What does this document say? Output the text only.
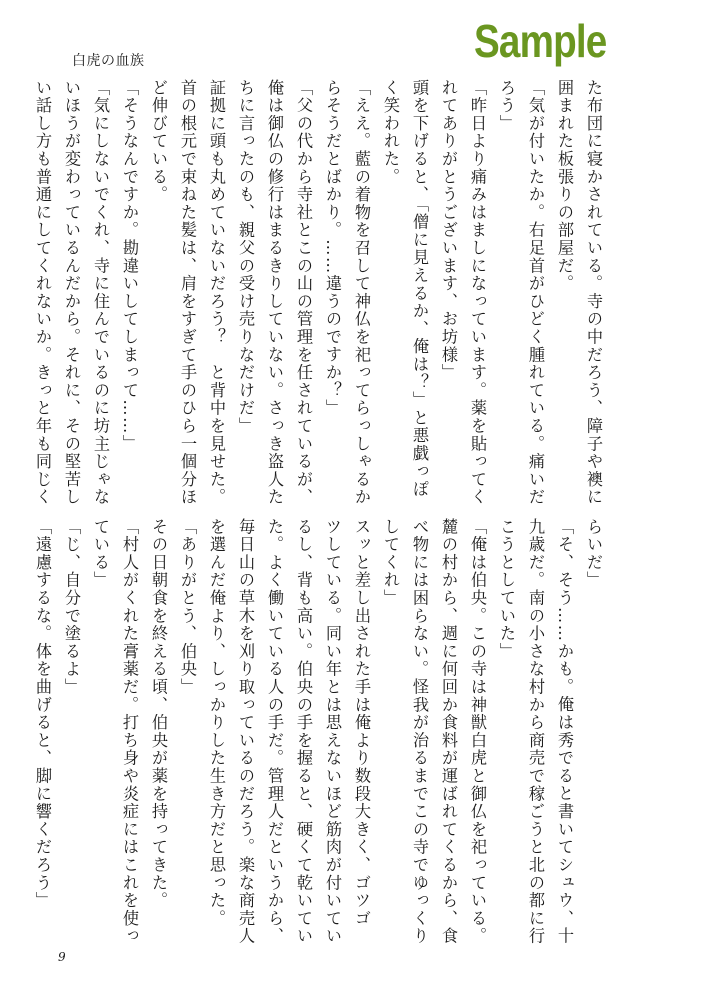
白虎の血族	Sample
た布団に寝かされている。寺の中だろう、障子や襖に
囲まれた板張りの部屋だ。
「気が付いたか。右足首がひどく腫れている。痛いだ
ろう」
「昨日より痛みはましになっています。薬を貼ってく
れてありがとうございます、お坊様」
頭を下げると、「僧に見えるか、俺は？」と悪戯っぽ
く笑われた。
「ええ。藍の着物を召して神仏を祀ってらっしゃるか
らそうだとばかり。……違うのですか？」
「父の代から寺社とこの山の管理を任されているが、
俺は御仏の修行はまるきりしていない。さっき盗人た
ちに言ったのも、親父の受け売りなだけだ」
証拠に頭も丸めていないだろう？　と背中を見せた。
首の根元で束ねた髪は、肩をすぎて手のひら一個分ほ
ど伸びている。
「そうなんですか。勘違いしてしまって……」
「気にしないでくれ、寺に住んでいるのに坊主じゃな
いほうが変わっているんだから。それに、その堅苦し
い話し方も普通にしてくれないか。きっと年も同じく
らいだ」
「そ、そう……かも。俺は秀でると書いてシュウ、十
九歳だ。南の小さな村から商売で稼ごうと北の都に行
こうとしていた」
「俺は伯央。この寺は神獣白虎と御仏を祀っている。
麓の村から、週に何回か食料が運ばれてくるから、食
べ物には困らない。怪我が治るまでこの寺でゆっくり
してくれ」
スッと差し出された手は俺より数段大きく、ゴツゴ
ツしている。同い年とは思えないほど筋肉が付いてい
るし、背も高い。伯央の手を握ると、硬くて乾いてい
た。よく働いている人の手だ。管理人だというから、
毎日山の草木を刈り取っているのだろう。楽な商売人
を選んだ俺より、しっかりした生き方だと思った。
「ありがとう、伯央」
その日朝食を終える頃、伯央が薬を持ってきた。
「村人がくれた膏薬だ。打ち身や炎症にはこれを使っ
ている」
「じ、自分で塗るよ」
「遠慮するな。体を曲げると、脚に響くだろう」
9
